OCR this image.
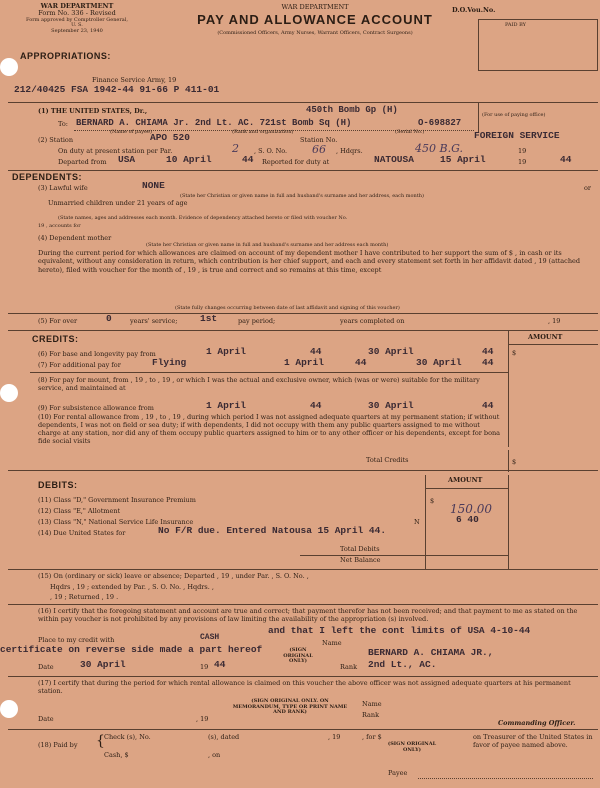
WAR DEPARTMENT
Form No. 336 - Revised
Form approved by Comptroller General,
U. S.
September 23, 1940
WAR DEPARTMENT
PAY AND ALLOWANCE ACCOUNT
(Commissioned Officers, Army Nurses, Warrant Officers, Contract Surgeons)
D.O.Vou.No.
PAID BY
APPROPRIATIONS:
Finance Service Army, 19
212/40425 FSA 1942-44 91-66 P 411-01
(1) THE UNITED STATES, Dr.,	450th Bomb Gp (H)
To: BERNARD A. CHIAMA Jr. 2nd Lt. AC. 721st Bomb Sq (H)	O-698827
(Name of payee)	(Rank and organization)	(Serial No.)
(For use of paying office)
(2) Station	APO 520	Station No.	FOREIGN SERVICE
On duty at present station per Par.	2 , S. O. No. 66 , Hdqrs.	450 B.G.	19
Departed from USA	10 April	44 Reported for duty at	NATOUSA	15 April	19	44
DEPENDENTS:
(3) Lawful wife	NONE
(State her Christian or given name in full and husband's surname and her address, each month)
or
Unmarried children under 21 years of age
(State names, ages and addresses each month. Evidence of dependency attached hereto or filed with voucher No.
19 , accounts for
(4) Dependent mother
(State her Christian or given name in full and husband's surname and her address each month)
During the current period for which allowances are claimed on account of my dependent mother I have contributed to her support the sum of $ , in cash or its equivalent, without any consideration in return, which contribution is her chief support, and each and every statement set forth in her affidavit dated , 19 (attached hereto), filed with voucher for the month of , 19 , is true and correct and so remains at this time, except
(State fully changes occurring between date of last affidavit and signing of this voucher)
(5) For over	0	years' service; 1st	pay period;	years completed on	, 19
CREDITS:	AMOUNT
$
(6) For base and longevity pay from	1 April	44	30 April	44
(7) For additional pay for	Flying	1 April	44	30 April 44
(8) For pay for mount, from , 19 , to , 19 , or which I was the actual and exclusive owner, which (was or were) suitable for the military service, and maintained at
(9) For subsistence allowance from	1 April	44	30 April	44
(10) For rental allowance from , 19 , to , 19 , during which period I was not assigned adequate quarters at my permanent station; if without dependents, I was not on field or sea duty; if with dependents, I did not occupy with them any public quarters assigned to me without charge at any station, nor did any of them occupy public quarters assigned to him or to any other officer or his dependents, except for bona fide social visits
Total Credits	$
DEBITS:	AMOUNT
$
(11) Class "D," Government Insurance Premium
(12) Class "E," Allotment	150.00
(13) Class "N," National Service Life Insurance	N	6 40
(14) Due United States for	No F/R due. Entered Natousa 15 April 44.
Total Debits
Net Balance
(15) On (ordinary or sick) leave or absence; Departed , 19 , under Par. , S. O. No. ,
Hqdrs , 19 ; extended by Par. , S. O. No. , Hqdrs. ,
, 19 ; Returned , 19 .
(16) I certify that the foregoing statement and account are true and correct; that payment therefor has not been received; and that payment to me as stated on the within pay voucher is not prohibited by any provisions of law limiting the availability of the appropriation (s) involved.
and that I left the cont limits of USA 4-10-44
Place to my credit with	CASH
certificate on reverse side made a part hereof	(SIGN ORIGINAL ONLY)
Name
BERNARD A. CHIAMA JR.,
Date	30 April	19 44	Rank 2nd Lt., AC.
(17) I certify that during the period for which rental allowance is claimed on this voucher the above officer was not assigned adequate quarters at his permanent station.
(SIGN ORIGINAL ONLY. ON MEMORANDUM, TYPE OR PRINT NAME AND RANK)
Name
Rank
Date	, 19	Commanding Officer.
(18) Paid by { Check (s), No.	(s), dated	, 19	, for $
Cash, $	, on
(SIGN ORIGINAL ONLY)
on Treasurer of the United States in favor of payee named above.
Payee
